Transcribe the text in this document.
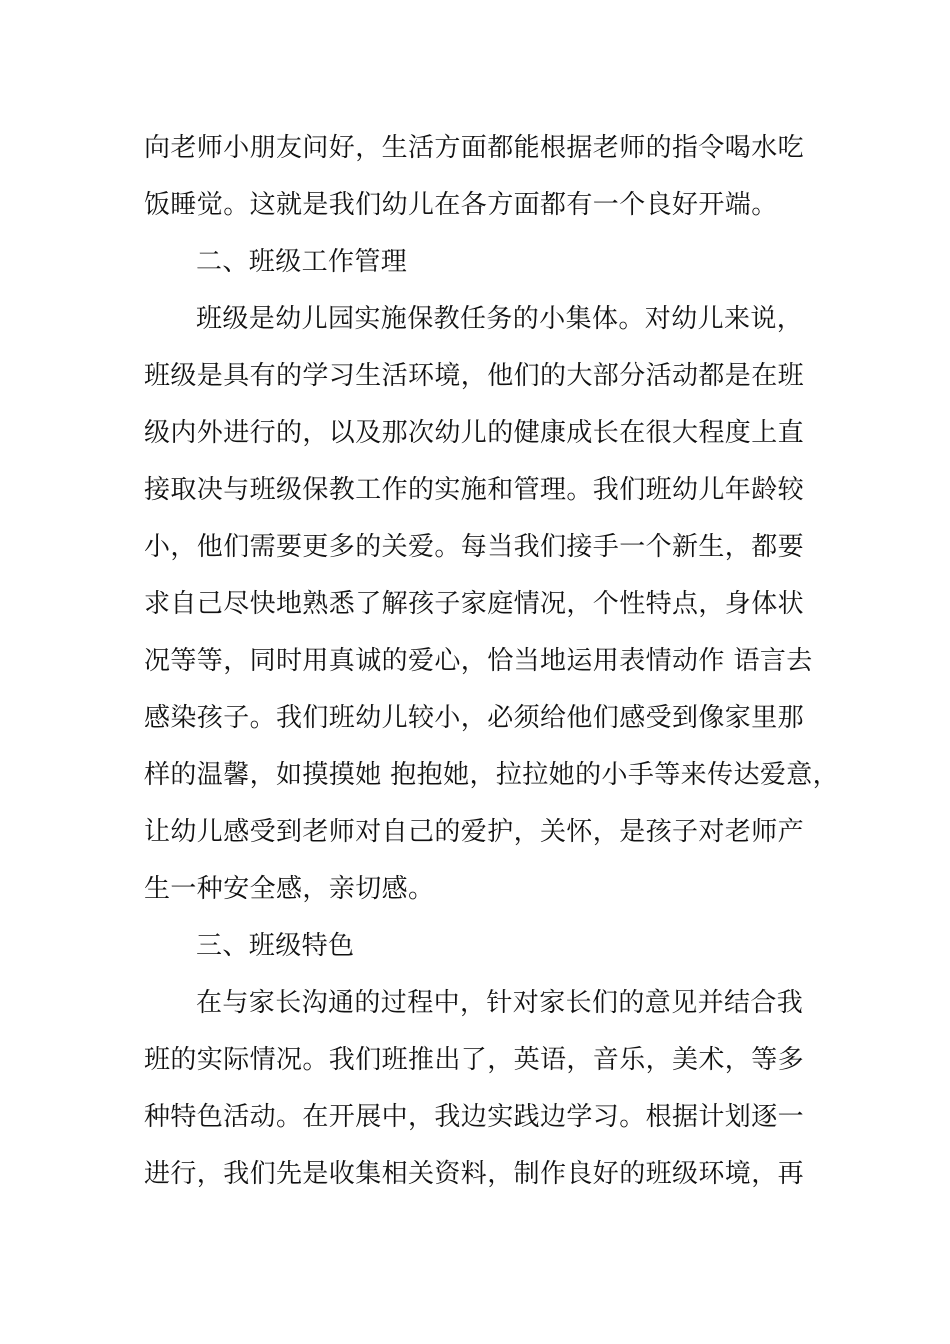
向老师小朋友问好，生活方面都能根据老师的指令喝水吃
饭睡觉。这就是我们幼儿在各方面都有一个良好开端。
二、班级工作管理
班级是幼儿园实施保教任务的小集体。对幼儿来说，
班级是具有的学习生活环境，他们的大部分活动都是在班
级内外进行的，以及那次幼儿的健康成长在很大程度上直
接取决与班级保教工作的实施和管理。我们班幼儿年龄较
小，他们需要更多的关爱。每当我们接手一个新生，都要
求自己尽快地熟悉了解孩子家庭情况，个性特点，身体状
况等等，同时用真诚的爱心，恰当地运用表情动作 语言去
感染孩子。我们班幼儿较小，必须给他们感受到像家里那
样的温馨，如摸摸她 抱抱她，拉拉她的小手等来传达爱意，
让幼儿感受到老师对自己的爱护，关怀，是孩子对老师产
生一种安全感，亲切感。
三、班级特色
在与家长沟通的过程中，针对家长们的意见并结合我
班的实际情况。我们班推出了，英语，音乐，美术，等多
种特色活动。在开展中，我边实践边学习。根据计划逐一
进行，我们先是收集相关资料，制作良好的班级环境，再
